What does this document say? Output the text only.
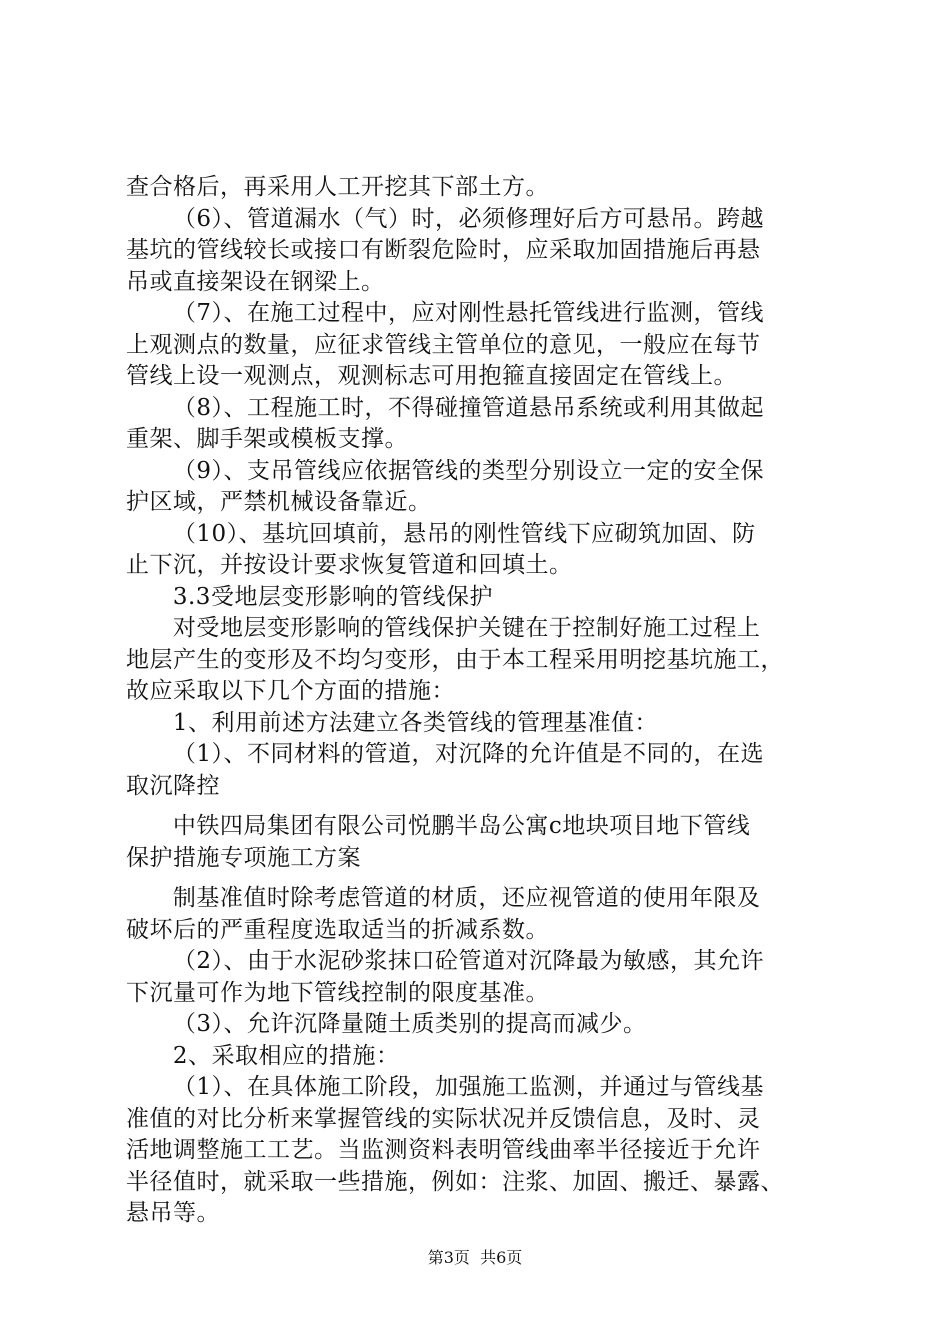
查合格后，再采用人工开挖其下部土方。
（6）、管道漏水（气）时，必须修理好后方可悬吊。跨越
基坑的管线较长或接口有断裂危险时，应采取加固措施后再悬
吊或直接架设在钢梁上。
（7）、在施工过程中，应对刚性悬托管线进行监测，管线
上观测点的数量，应征求管线主管单位的意见，一般应在每节
管线上设一观测点，观测标志可用抱箍直接固定在管线上。
（8）、工程施工时，不得碰撞管道悬吊系统或利用其做起
重架、脚手架或模板支撑。
（9）、支吊管线应依据管线的类型分别设立一定的安全保
护区域，严禁机械设备靠近。
（10）、基坑回填前，悬吊的刚性管线下应砌筑加固、防
止下沉，并按设计要求恢复管道和回填土。
3.3受地层变形影响的管线保护
对受地层变形影响的管线保护关键在于控制好施工过程上
地层产生的变形及不均匀变形，由于本工程采用明挖基坑施工，
故应采取以下几个方面的措施：
1、利用前述方法建立各类管线的管理基准值：
（1）、不同材料的管道，对沉降的允许值是不同的，在选
取沉降控
中铁四局集团有限公司悦鹏半岛公寓c地块项目地下管线
保护措施专项施工方案
制基准值时除考虑管道的材质，还应视管道的使用年限及
破坏后的严重程度选取适当的折减系数。
（2）、由于水泥砂浆抹口砼管道对沉降最为敏感，其允许
下沉量可作为地下管线控制的限度基准。
（3）、允许沉降量随土质类别的提高而减少。
2、采取相应的措施：
（1）、在具体施工阶段，加强施工监测，并通过与管线基
准值的对比分析来掌握管线的实际状况并反馈信息，及时、灵
活地调整施工工艺。当监测资料表明管线曲率半径接近于允许
半径值时，就采取一些措施，例如：注浆、加固、搬迁、暴露、
悬吊等。
第3页  共6页
